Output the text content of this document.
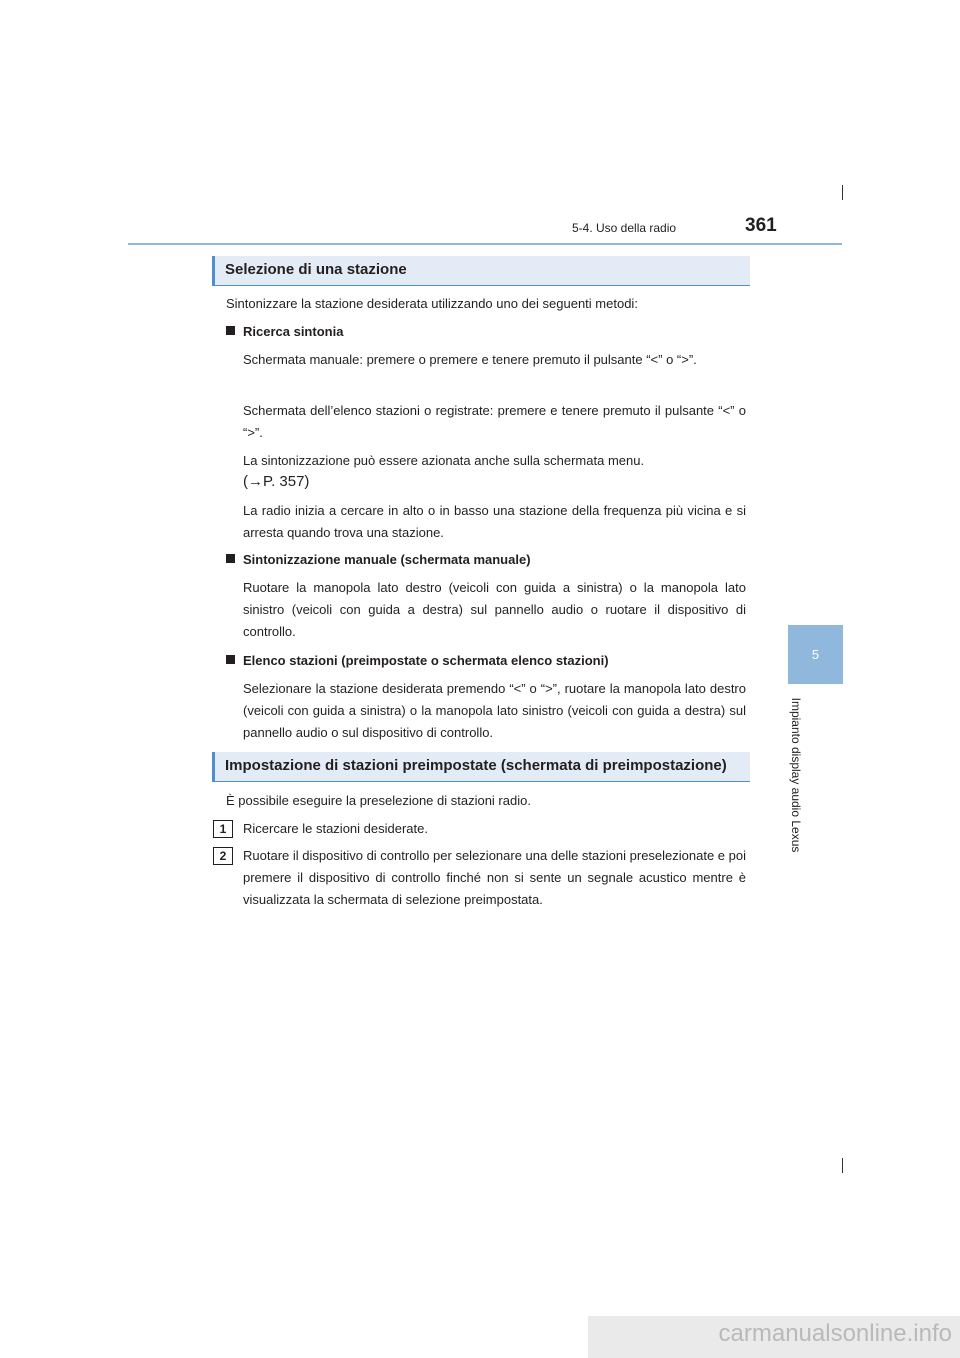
5-4. Uso della radio	361
5
Impianto display audio Lexus
Selezione di una stazione
Sintonizzare la stazione desiderata utilizzando uno dei seguenti metodi:
Ricerca sintonia
Schermata manuale: premere o premere e tenere premuto il pulsante “<” o “>”.
Schermata dell’elenco stazioni o registrate: premere e tenere premuto il pulsante “<” o “>”.
La sintonizzazione può essere azionata anche sulla schermata menu.
(→P. 357)
La radio inizia a cercare in alto o in basso una stazione della frequenza più vicina e si arresta quando trova una stazione.
Sintonizzazione manuale (schermata manuale)
Ruotare la manopola lato destro (veicoli con guida a sinistra) o la manopola lato sinistro (veicoli con guida a destra) sul pannello audio o ruotare il dispositivo di controllo.
Elenco stazioni (preimpostate o schermata elenco stazioni)
Selezionare la stazione desiderata premendo “<” o “>”, ruotare la manopola lato destro (veicoli con guida a sinistra) o la manopola lato sinistro (veicoli con guida a destra) sul pannello audio o sul dispositivo di controllo.
Impostazione di stazioni preimpostate (schermata di preimpostazione)
È possibile eseguire la preselezione di stazioni radio.
1	Ricercare le stazioni desiderate.
2	Ruotare il dispositivo di controllo per selezionare una delle stazioni preselezionate e poi premere il dispositivo di controllo finché non si sente un segnale acustico mentre è visualizzata la schermata di selezione preimpostata.
carmanualsonline.info
